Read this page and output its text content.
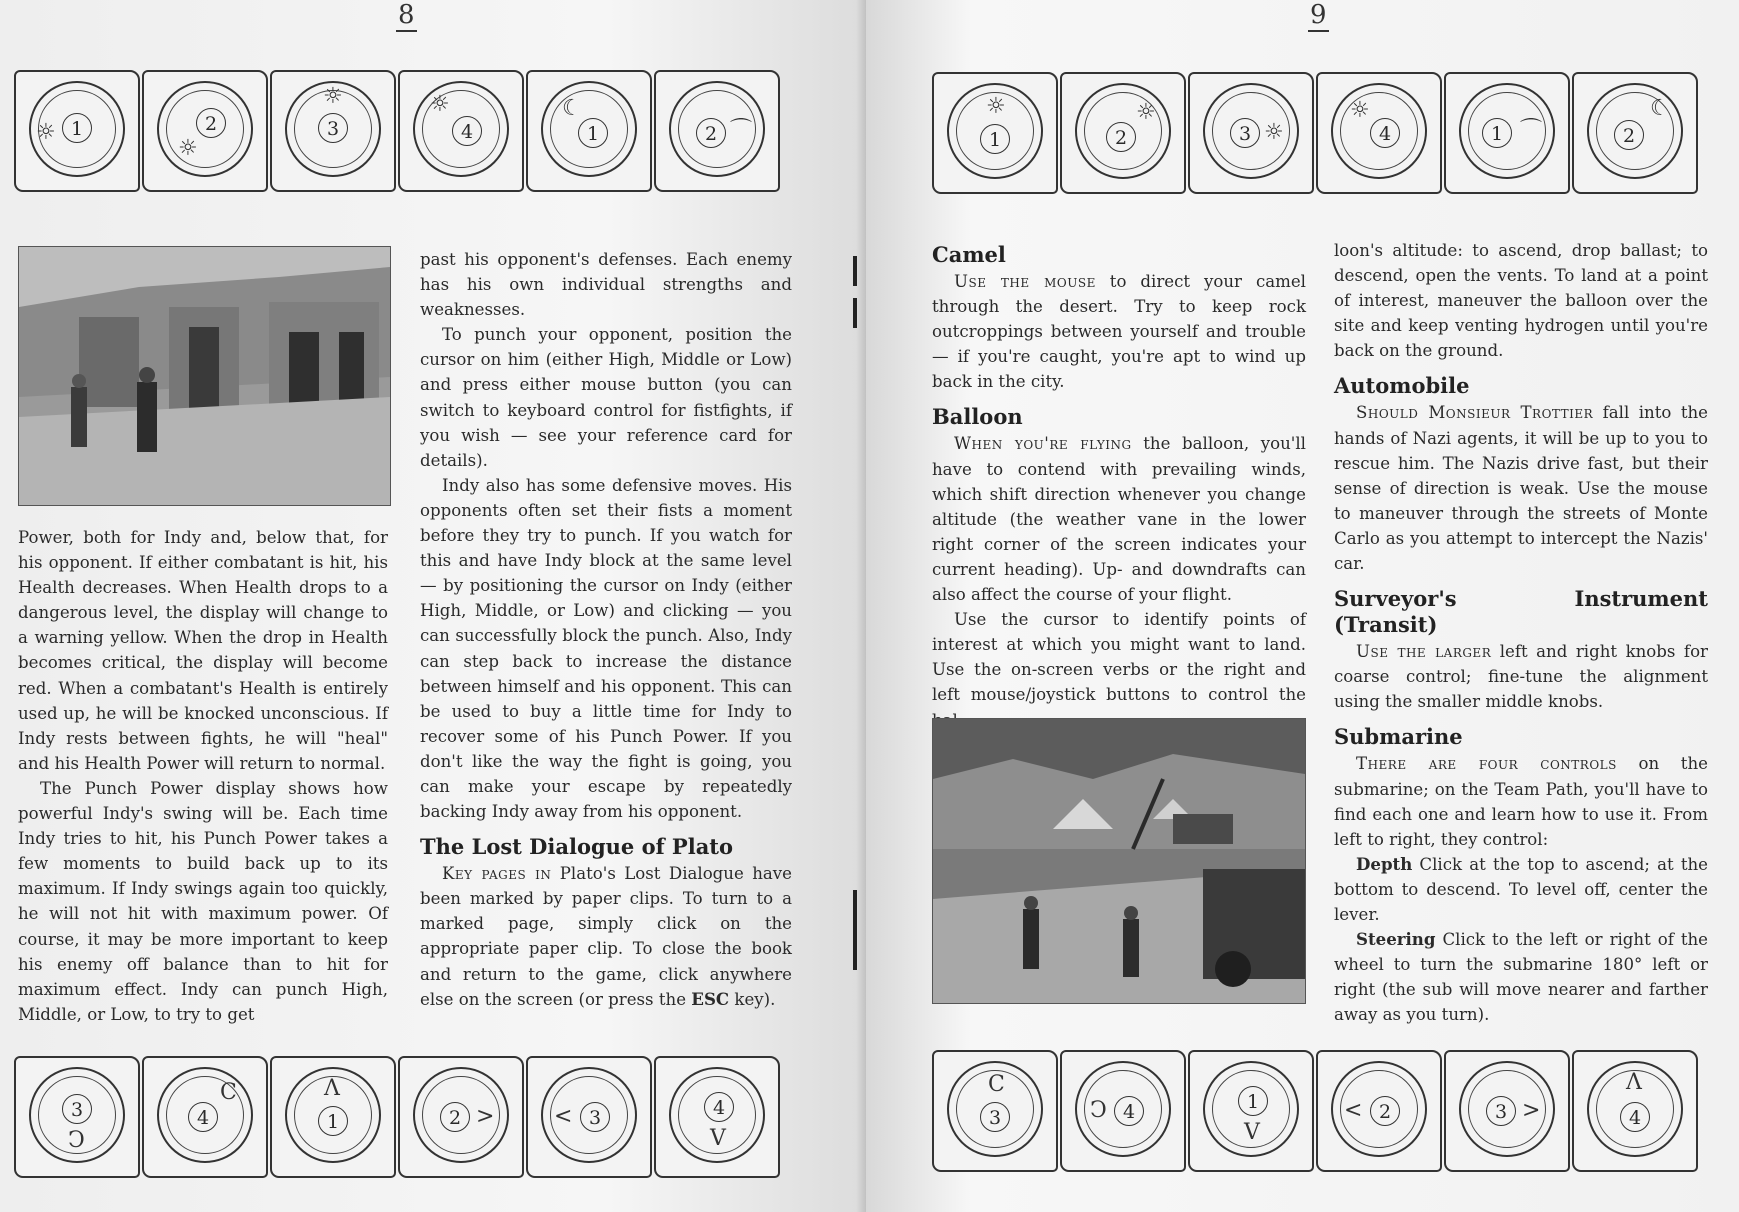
8
1
☼	2
☼
3
☼
4
☼
1
☾
2 ⌒

Power, both for Indy and, below that, for his opponent. If either combatant is hit, his Health decreases. When Health drops to a dangerous level, the display will change to a warning yellow. When the drop in Health becomes critical, the display will become red. When a combatant's Health is entirely used up, he will be knocked unconscious. If Indy rests between fights, he will "heal" and his Health Power will return to normal.

The Punch Power display shows how powerful Indy's swing will be. Each time Indy tries to hit, his Punch Power takes a few moments to build back up to its maximum. If Indy swings again too quickly, he will not hit with maximum power. Of course, it may be more important to keep his enemy off balance than to hit for maximum effect. Indy can punch High, Middle, or Low, to try to get

past his opponent's defenses. Each enemy has his own individual strengths and weaknesses.

To punch your opponent, position the cursor on him (either High, Middle or Low) and press either mouse button (you can switch to keyboard control for fistfights, if you wish — see your reference card for details).

Indy also has some defensive moves. His opponents often set their fists a moment before they try to punch. If you watch for this and have Indy block at the same level — by positioning the cursor on Indy (either High, Middle, or Low) and clicking — you can successfully block the punch. Also, Indy can step back to increase the distance between himself and his opponent. This can be used to buy a little time for Indy to recover some of his Punch Power. If you don't like the way the fight is going, you can make your escape by repeatedly backing Indy away from his opponent.

The Lost Dialogue of Plato

Key pages in Plato's Lost Dialogue have been marked by paper clips. To turn to a marked page, simply click on the appropriate paper clip. To close the book and return to the game, click anywhere else on the screen (or press the ESC key).

3
Ↄ
4
C
1
Λ
2 >	3
<	4
V
9
1
☼
2
☼
3 ☼	4
☼
1 ⌒	2
☾
Camel

Use the mouse to direct your camel through the desert. Try to keep rock outcroppings between yourself and trouble — if you're caught, you're apt to wind up back in the city.

Balloon

When you're flying the balloon, you'll have to contend with prevailing winds, which shift direction whenever you change altitude (the weather vane in the lower right corner of the screen indicates your current heading). Up- and downdrafts can also affect the course of your flight.

Use the cursor to identify points of interest at which you might want to land. Use the on-screen verbs or the right and left mouse/joystick buttons to control the

loon's altitude: to ascend, drop ballast; to descend, open the vents. To land at a point of interest, maneuver the balloon over the site and keep venting hydrogen until you're back on the ground.

Automobile

Should Monsieur Trottier fall into the hands of Nazi agents, it will be up to you to rescue him. The Nazis drive fast, but their sense of direction is weak. Use the mouse to maneuver through the streets of Monte Carlo as you attempt to intercept the Nazis' car.

Surveyor's Instrument (Transit)

Use the larger left and right knobs for coarse control; fine-tune the alignment using the smaller middle knobs.

Submarine

There are four controls on the submarine; on the Team Path, you'll have to find each one and learn how to use it. From left to right, they control:

Depth Click at the top to ascend; at the bottom to descend. To level off, center the lever.

Steering Click to the left or right of the wheel to turn the submarine 180° left or right (the sub will move nearer and farther away as you turn).

3
C
4
Ↄ	1
V
2
<	3 >	4
Λ
